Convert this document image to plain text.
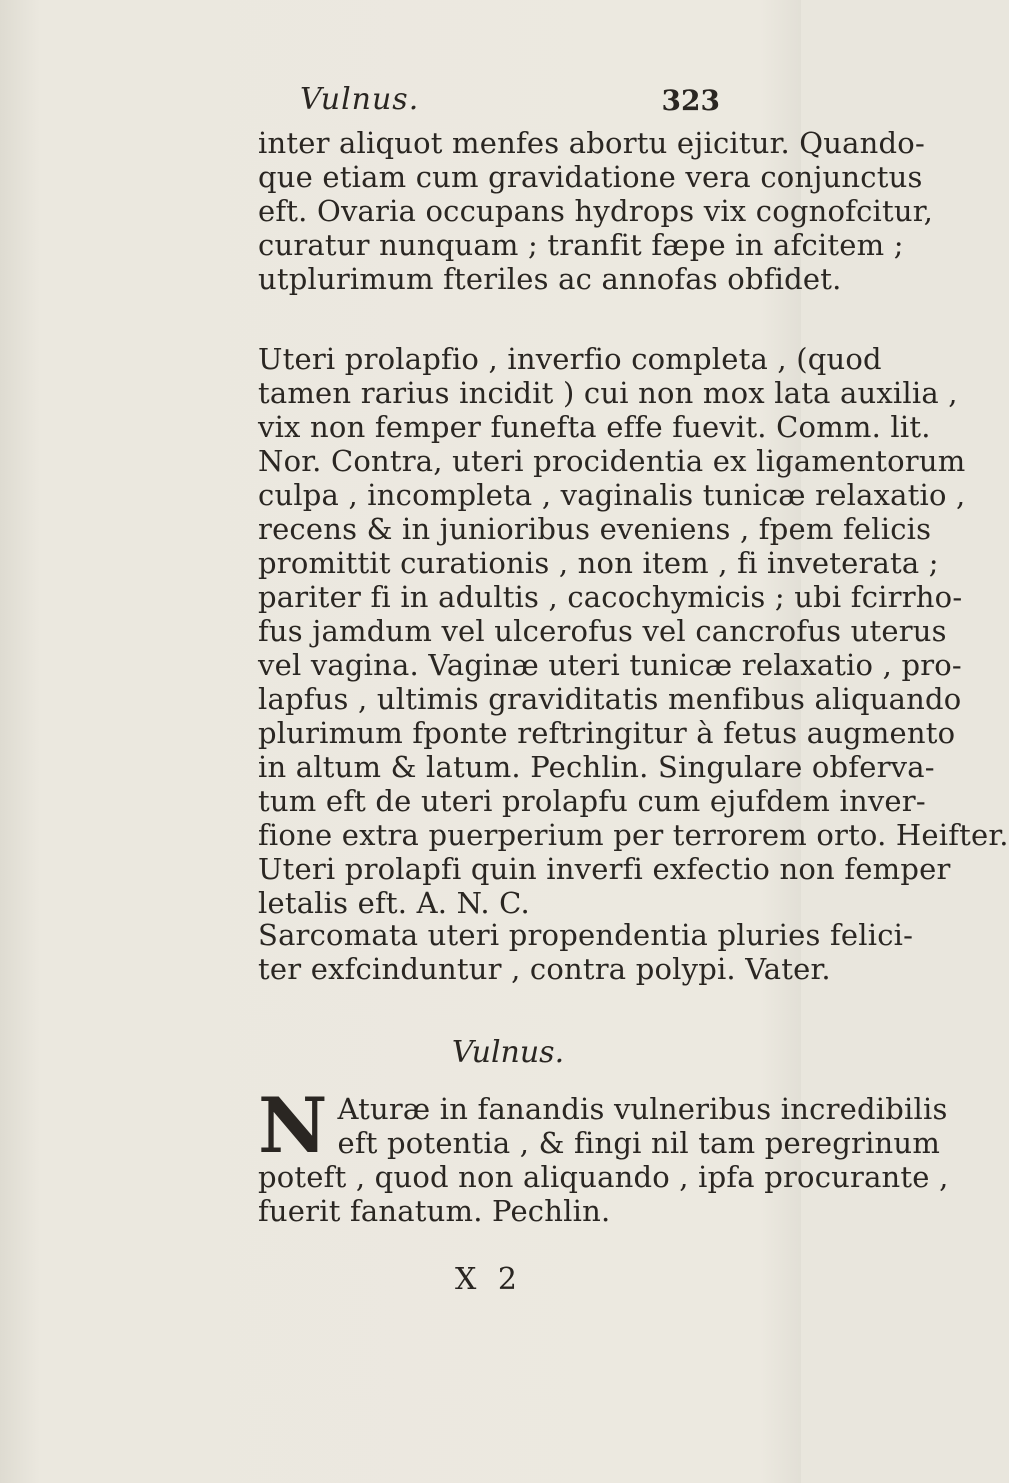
Vulnus.	323
inter aliquot menfes abortu ejicitur. Quando-
que etiam cum gravidatione vera conjunctus
eft. Ovaria occupans hydrops vix cognofcitur,
curatur nunquam ; tranfit fæpe in afcitem ;
utplurimum fteriles ac annofas obfidet.
Uteri prolapfio , inverfio completa , (quod
tamen rarius incidit ) cui non mox lata auxilia ,
vix non femper funefta effe fuevit. Comm. lit.
Nor. Contra, uteri procidentia ex ligamentorum
culpa , incompleta , vaginalis tunicæ relaxatio ,
recens & in junioribus eveniens , fpem felicis
promittit curationis , non item , fi inveterata ;
pariter fi in adultis , cacochymicis ; ubi fcirrho-
fus jamdum vel ulcerofus vel cancrofus uterus
vel vagina. Vaginæ uteri tunicæ relaxatio , pro-
lapfus , ultimis graviditatis menfibus aliquando
plurimum fponte reftringitur à fetus augmento
in altum & latum. Pechlin. Singulare obferva-
tum eft de uteri prolapfu cum ejufdem inver-
fione extra puerperium per terrorem orto. Heifter.
Uteri prolapfi quin inverfi exfectio non femper
letalis eft. A. N. C.
Sarcomata uteri propendentia pluries felici-
ter exfcinduntur , contra polypi. Vater.
Vulnus.
N Aturæ in fanandis vulneribus incredibilis
eft potentia , & fingi nil tam peregrinum
poteft , quod non aliquando , ipfa procurante ,
fuerit fanatum. Pechlin.
X 2
